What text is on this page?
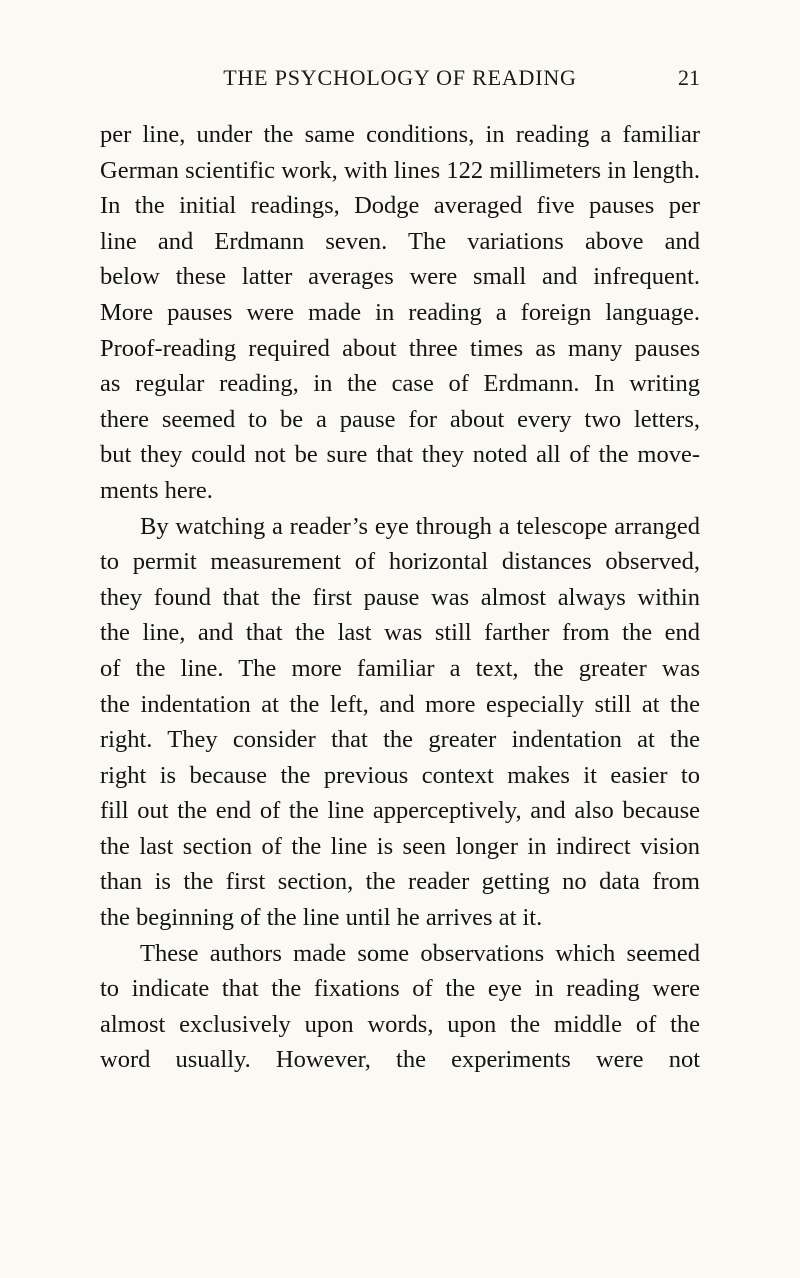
THE PSYCHOLOGY OF READING	21
per line, under the same conditions, in reading a familiar
German scientific work, with lines 122 millimeters in length.
In the initial readings, Dodge averaged five pauses per
line and Erdmann seven. The variations above and
below these latter averages were small and infrequent.
More pauses were made in reading a foreign language.
Proof-reading required about three times as many pauses
as regular reading, in the case of Erdmann. In writing
there seemed to be a pause for about every two letters,
but they could not be sure that they noted all of the move-
ments here.
By watching a reader’s eye through a telescope arranged
to permit measurement of horizontal distances observed,
they found that the first pause was almost always within
the line, and that the last was still farther from the end
of the line. The more familiar a text, the greater was
the indentation at the left, and more especially still at the
right. They consider that the greater indentation at the
right is because the previous context makes it easier to
fill out the end of the line apperceptively, and also because
the last section of the line is seen longer in indirect vision
than is the first section, the reader getting no data from
the beginning of the line until he arrives at it.
These authors made some observations which seemed
to indicate that the fixations of the eye in reading were
almost exclusively upon words, upon the middle of the
word usually. However, the experiments were not
